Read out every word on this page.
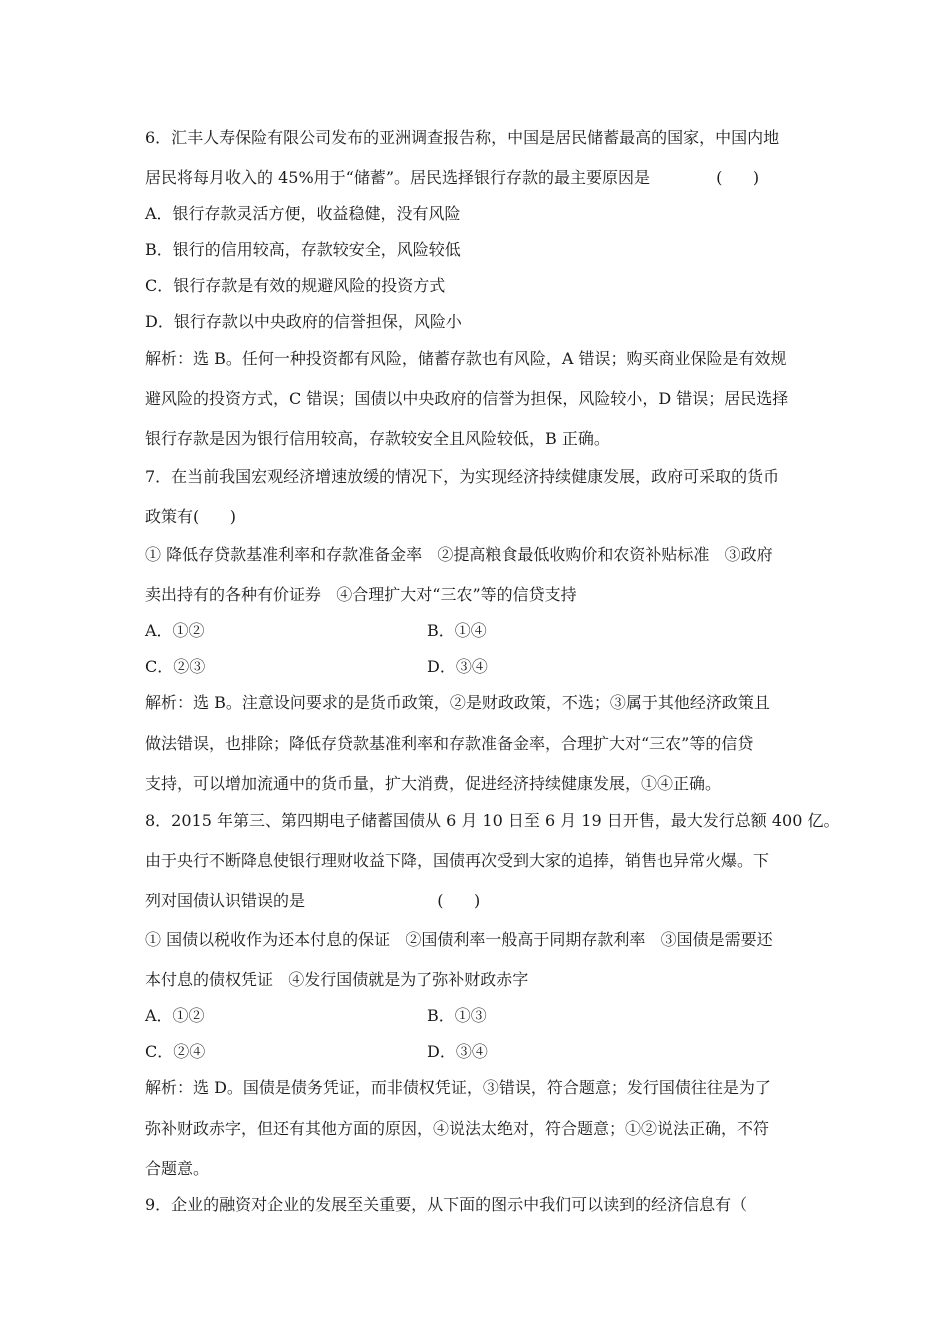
6．汇丰人寿保险有限公司发布的亚洲调查报告称，中国是居民储蓄最高的国家，中国内地
居民将每月收入的 45%用于“储蓄”。居民选择银行存款的最主要原因是             (      )
A．银行存款灵活方便，收益稳健，没有风险
B．银行的信用较高，存款较安全，风险较低
C．银行存款是有效的规避风险的投资方式
D．银行存款以中央政府的信誉担保，风险小
解析：选 B。任何一种投资都有风险，储蓄存款也有风险，A 错误；购买商业保险是有效规
避风险的投资方式，C 错误；国债以中央政府的信誉为担保，风险较小，D 错误；居民选择
银行存款是因为银行信用较高，存款较安全且风险较低，B 正确。
7．在当前我国宏观经济增速放缓的情况下，为实现经济持续健康发展，政府可采取的货币
政策有(      )
① 降低存贷款基准利率和存款准备金率   ②提高粮食最低收购价和农资补贴标准   ③政府
卖出持有的各种有价证券   ④合理扩大对“三农”等的信贷支持
A．①②	B．①④
C．②③	D．③④
解析：选 B。注意设问要求的是货币政策，②是财政政策，不选；③属于其他经济政策且
做法错误，也排除；降低存贷款基准利率和存款准备金率，合理扩大对“三农”等的信贷
支持，可以增加流通中的货币量，扩大消费，促进经济持续健康发展，①④正确。
8．2015 年第三、第四期电子储蓄国债从 6 月 10 日至 6 月 19 日开售，最大发行总额 400 亿。
由于央行不断降息使银行理财收益下降，国债再次受到大家的追捧，销售也异常火爆。下
列对国债认识错误的是                          (      )
① 国债以税收作为还本付息的保证   ②国债利率一般高于同期存款利率   ③国债是需要还
本付息的债权凭证   ④发行国债就是为了弥补财政赤字
A．①②	B．①③
C．②④	D．③④
解析：选 D。国债是债务凭证，而非债权凭证，③错误，符合题意；发行国债往往是为了
弥补财政赤字，但还有其他方面的原因，④说法太绝对，符合题意；①②说法正确，不符
合题意。
9．企业的融资对企业的发展至关重要，从下面的图示中我们可以读到的经济信息有（
